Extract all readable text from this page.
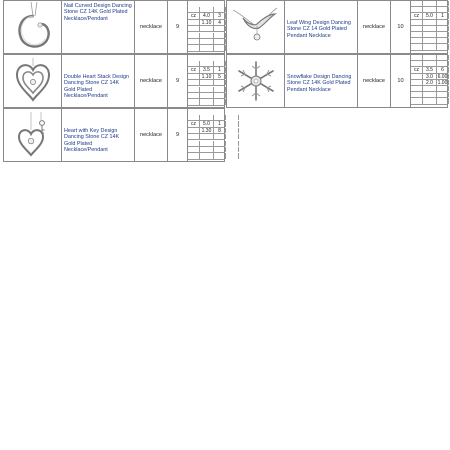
Nail Curved Design Dancing Stone CZ 14K Gold Plated Necklace/Pendant
necklace 9
cz	4.0	3
1.10	4
Double Heart Stack Design Dancing Stone CZ 14K Gold Plated Necklace/Pendant
necklace 9
cz	3.5	1
1.10	5
Heart with Key Design Dancing Stone CZ 14K Gold Plated Necklace/Pendant
necklace 9
cz	5.0	1
1.30	8
Leaf Wing Design Dancing Stone CZ 14 Gold Plated Pendant Necklace
necklace 10
cz	5.0	1
Snowflake Design Dancing Stone CZ 14K Gold Plated Pendant Necklace
necklace 10
cz	3.5	6
3.0 6.00
2.0 1.00
